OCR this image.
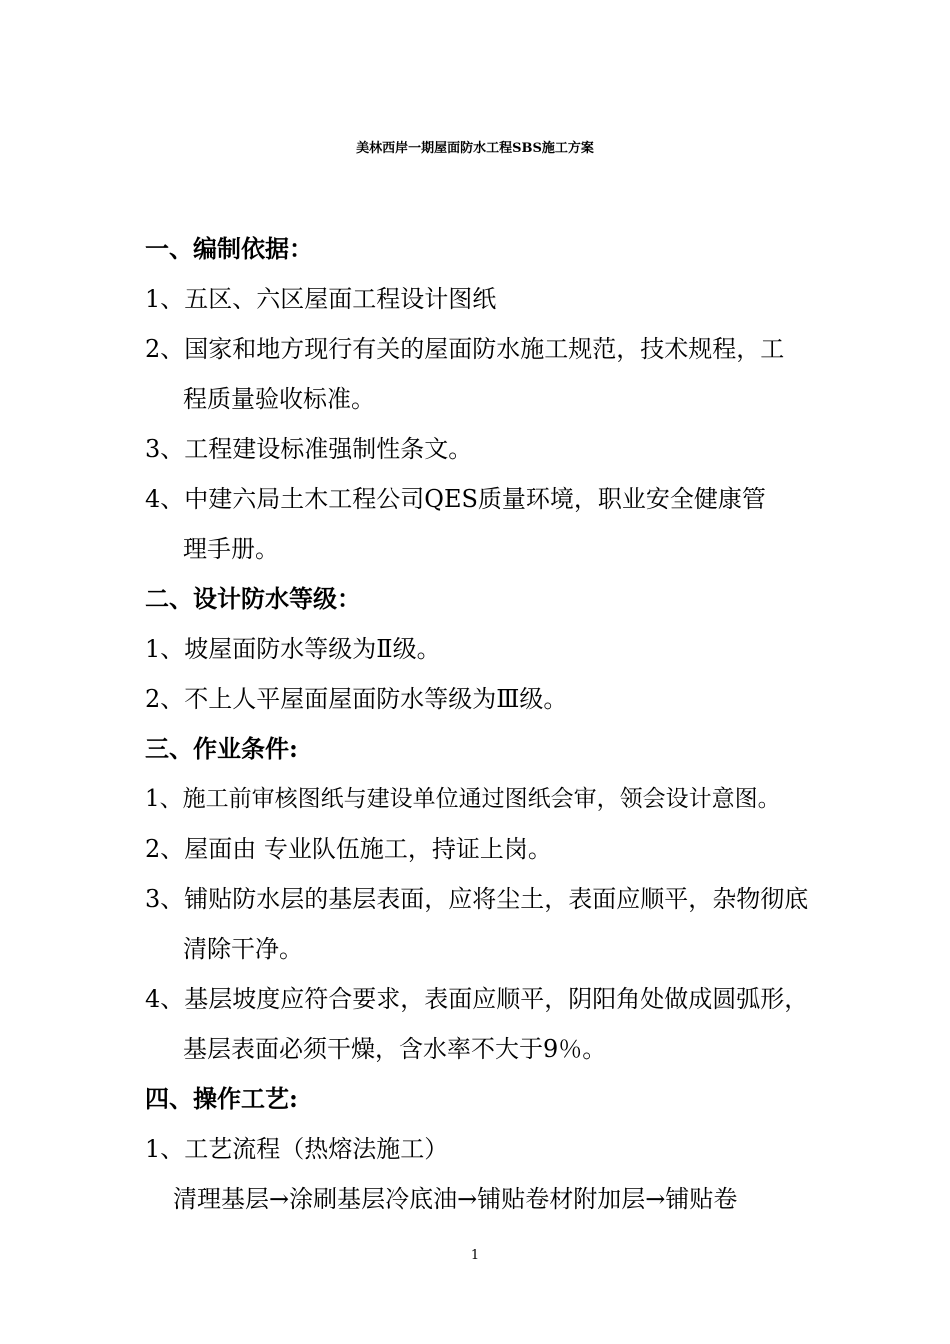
美林西岸一期屋面防水工程SBS施工方案
一、编制依据：
1、五区、六区屋面工程设计图纸
2、国家和地方现行有关的屋面防水施工规范，技术规程，工
程质量验收标准。
3、工程建设标准强制性条文。
4、中建六局土木工程公司QES质量环境，职业安全健康管
理手册。
二、设计防水等级：
1、坡屋面防水等级为Ⅱ级。
2、不上人平屋面屋面防水等级为Ⅲ级。
三、作业条件:
1、施工前审核图纸与建设单位通过图纸会审，领会设计意图。
2、屋面由 专业队伍施工，持证上岗。
3、铺贴防水层的基层表面，应将尘土，表面应顺平，杂物彻底
清除干净。
4、基层坡度应符合要求，表面应顺平，阴阳角处做成圆弧形，
基层表面必须干燥，含水率不大于9％。
四、操作工艺:
1、工艺流程（热熔法施工）
清理基层→涂刷基层冷底油→铺贴卷材附加层→铺贴卷
1
